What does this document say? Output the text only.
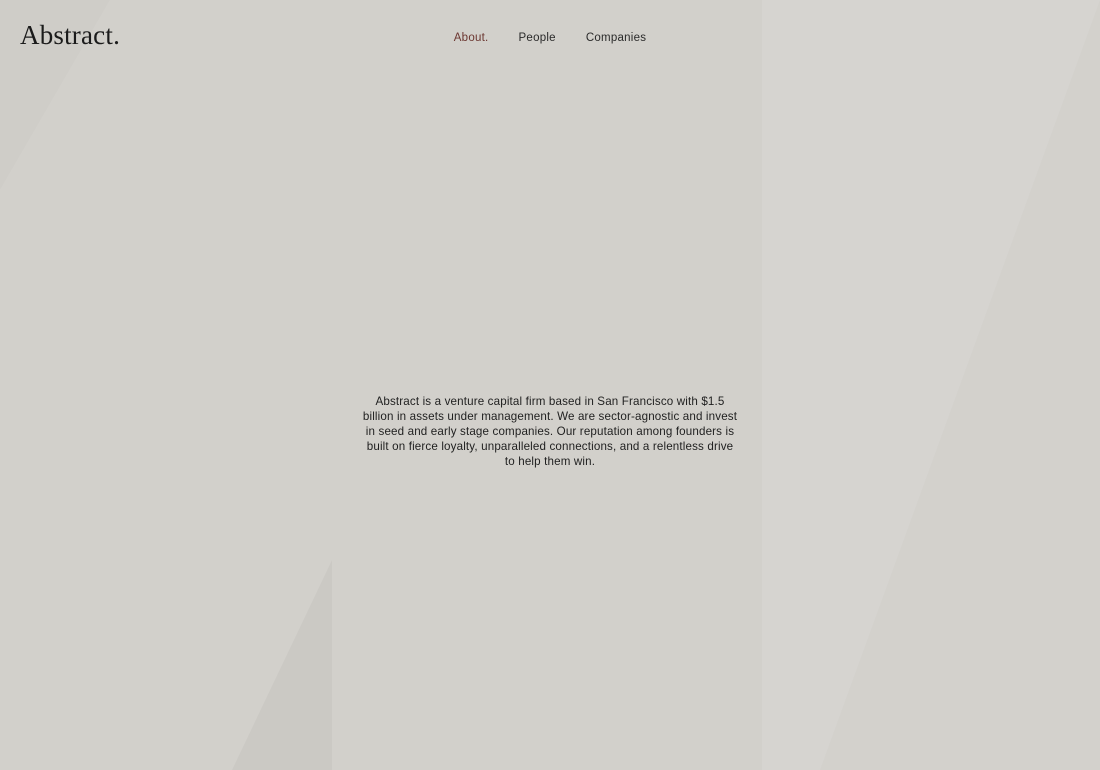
Abstract.	About.	People	Companies

Abstract is a venture capital firm based in San Francisco with $1.5 billion in assets under management. We are sector-agnostic and invest in seed and early stage companies. Our reputation among founders is built on fierce loyalty, unparalleled connections, and a relentless drive to help them win.
